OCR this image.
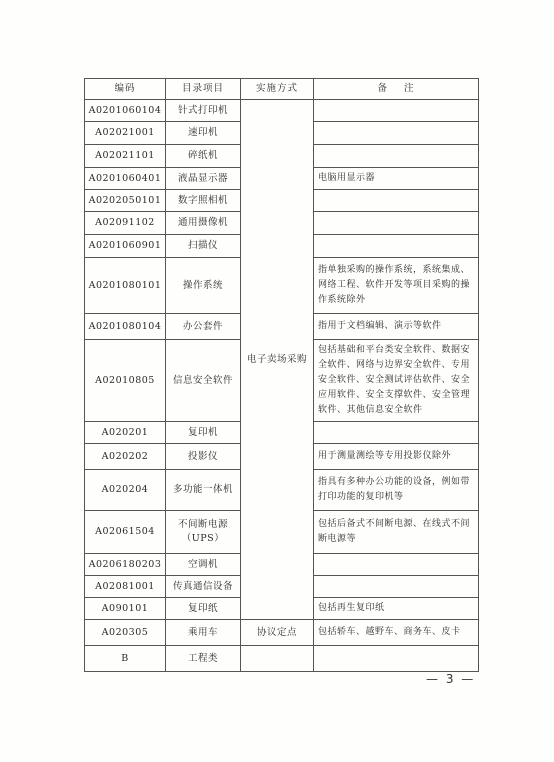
编码	目录项目	实施方式	备    注
A0201060104	针式打印机	电子卖场采购	
A02021001	速印机		
A02021101	碎纸机		
A0201060401	液晶显示器		电脑用显示器
A0202050101	数字照相机		
A02091102	通用摄像机		
A0201060901	扫描仪		
A0201080101	操作系统		指单独采购的操作系统，系统集成、网络工程、软件开发等项目采购的操作系统除外
A0201080104	办公套件		指用于文档编辑、演示等软件
A02010805	信息安全软件		包括基础和平台类安全软件、数据安全软件、网络与边界安全软件、专用安全软件、安全测试评估软件、安全应用软件、安全支撑软件、安全管理软件、其他信息安全软件
A020201	复印机		
A020202	投影仪		用于测量测绘等专用投影仪除外
A020204	多功能一体机		指具有多种办公功能的设备，例如带打印功能的复印机等
A02061504	不间断电源（UPS）		包括后备式不间断电源、在线式不间断电源等
A0206180203	空调机		
A02081001	传真通信设备		
A090101	复印纸		包括再生复印纸
A020305	乘用车	协议定点	包括轿车、越野车、商务车、皮卡
B	工程类		
— 3 —
